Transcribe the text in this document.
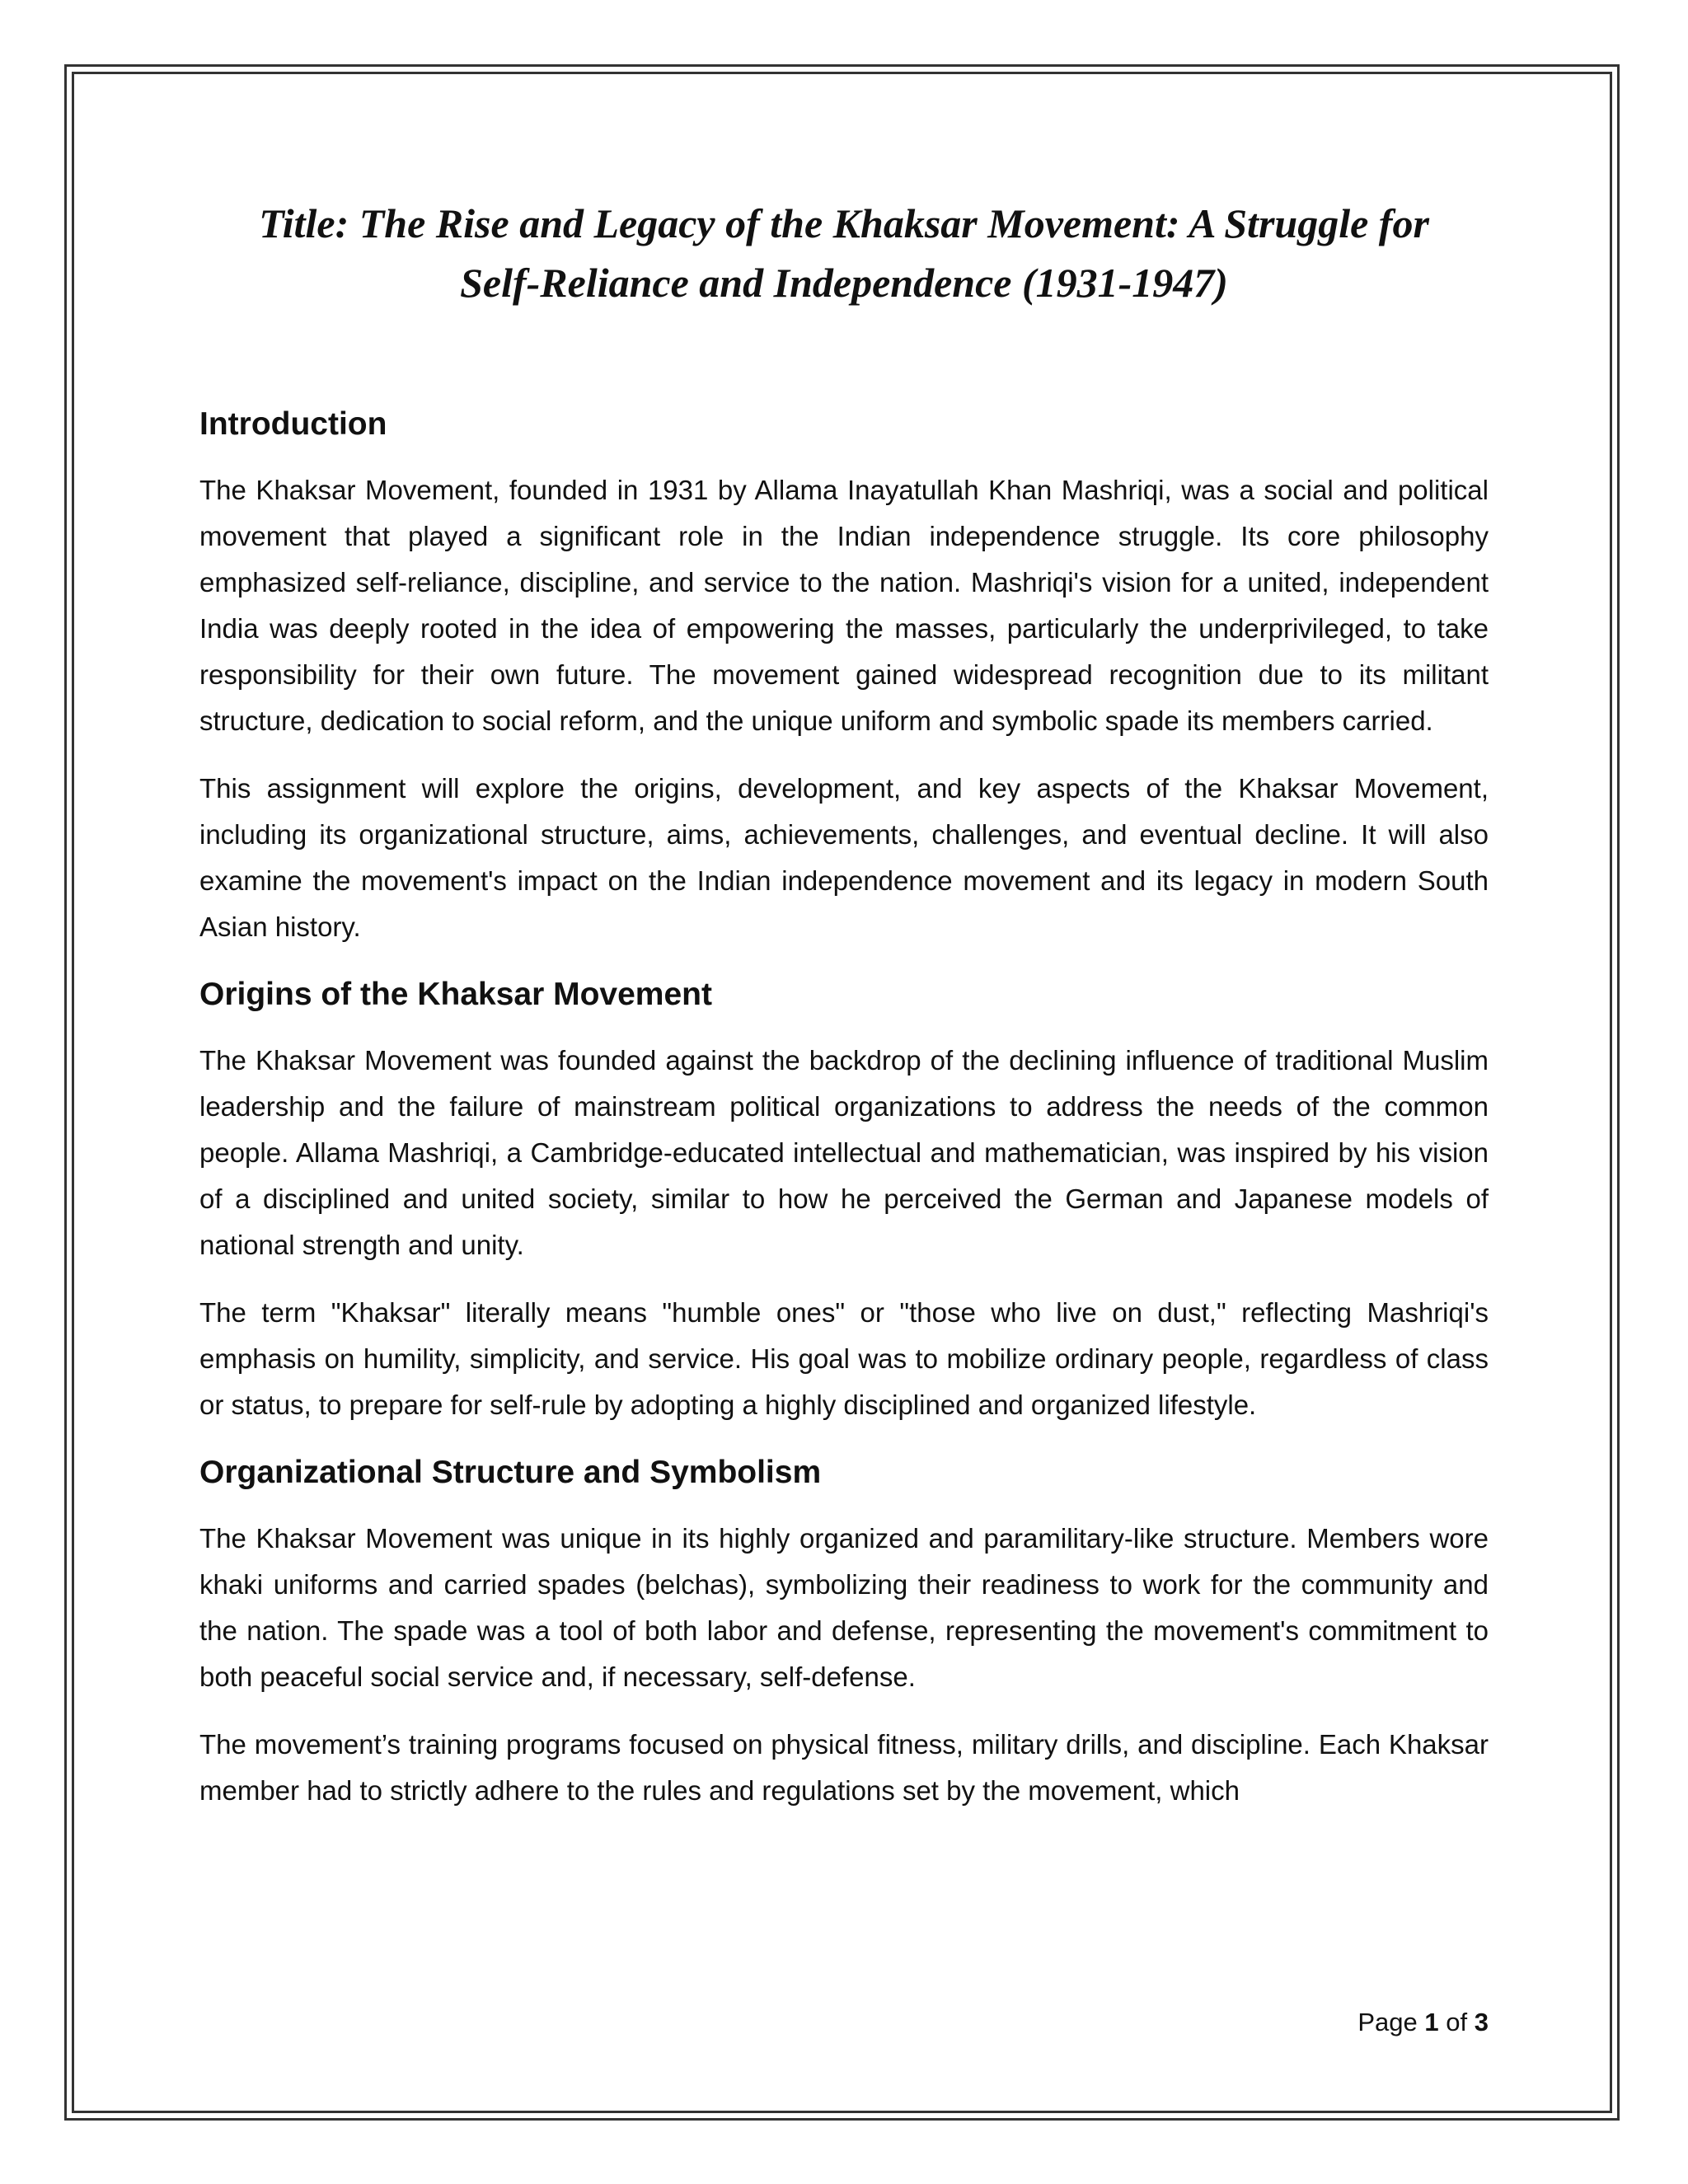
Title: The Rise and Legacy of the Khaksar Movement: A Struggle for
Self-Reliance and Independence (1931-1947)
Introduction

The Khaksar Movement, founded in 1931 by Allama Inayatullah Khan Mashriqi, was a social and political movement that played a significant role in the Indian independence struggle. Its core philosophy emphasized self-reliance, discipline, and service to the nation. Mashriqi's vision for a united, independent India was deeply rooted in the idea of empowering the masses, particularly the underprivileged, to take responsibility for their own future. The movement gained widespread recognition due to its militant structure, dedication to social reform, and the unique uniform and symbolic spade its members carried.

This assignment will explore the origins, development, and key aspects of the Khaksar Movement, including its organizational structure, aims, achievements, challenges, and eventual decline. It will also examine the movement's impact on the Indian independence movement and its legacy in modern South Asian history.

Origins of the Khaksar Movement

The Khaksar Movement was founded against the backdrop of the declining influence of traditional Muslim leadership and the failure of mainstream political organizations to address the needs of the common people. Allama Mashriqi, a Cambridge-educated intellectual and mathematician, was inspired by his vision of a disciplined and united society, similar to how he perceived the German and Japanese models of national strength and unity.

The term "Khaksar" literally means "humble ones" or "those who live on dust," reflecting Mashriqi's emphasis on humility, simplicity, and service. His goal was to mobilize ordinary people, regardless of class or status, to prepare for self-rule by adopting a highly disciplined and organized lifestyle.

Organizational Structure and Symbolism

The Khaksar Movement was unique in its highly organized and paramilitary-like structure. Members wore khaki uniforms and carried spades (belchas), symbolizing their readiness to work for the community and the nation. The spade was a tool of both labor and defense, representing the movement's commitment to both peaceful social service and, if necessary, self-defense.

The movement’s training programs focused on physical fitness, military drills, and discipline. Each Khaksar member had to strictly adhere to the rules and regulations set by the movement, which

Page 1 of 3
